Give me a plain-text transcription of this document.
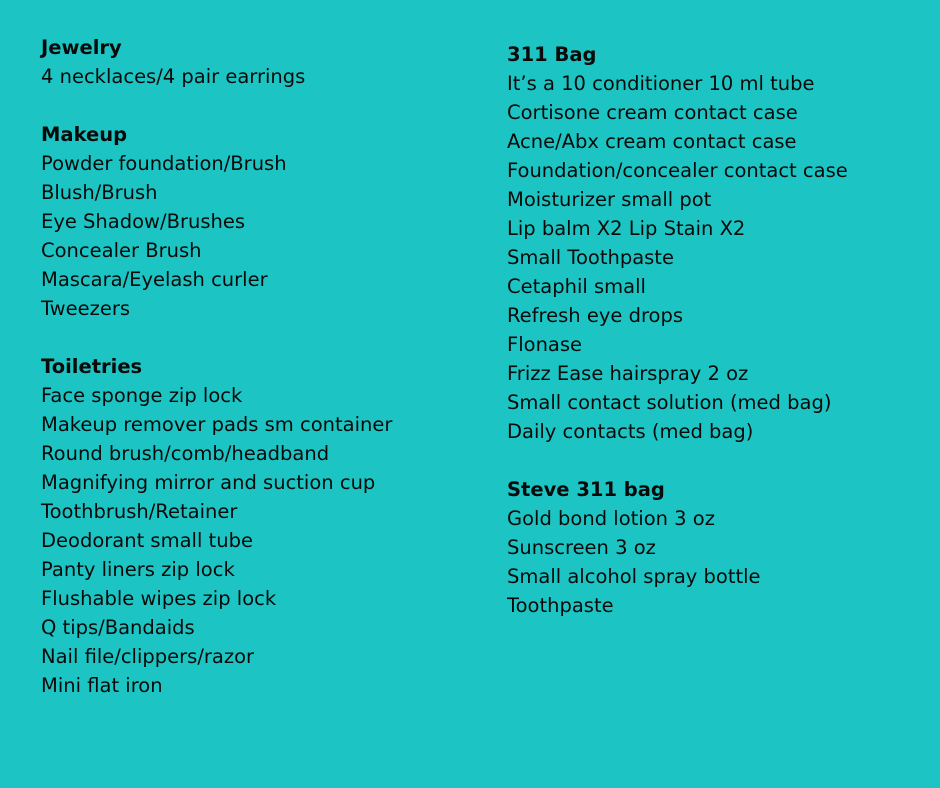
Jewelry
4 necklaces/4 pair earrings
Makeup
Powder foundation/Brush
Blush/Brush
Eye Shadow/Brushes
Concealer Brush
Mascara/Eyelash curler
Tweezers
Toiletries
Face sponge zip lock
Makeup remover pads sm container
Round brush/comb/headband
Magnifying mirror and suction cup
Toothbrush/Retainer
Deodorant small tube
Panty liners zip lock
Flushable wipes zip lock
Q tips/Bandaids
Nail file/clippers/razor
Mini flat iron
311 Bag
It’s a 10 conditioner 10 ml tube
Cortisone cream contact case
Acne/Abx cream contact case
Foundation/concealer contact case
Moisturizer small pot
Lip balm X2 Lip Stain X2
Small Toothpaste
Cetaphil small
Refresh eye drops
Flonase
Frizz Ease hairspray 2 oz
Small contact solution (med bag)
Daily contacts (med bag)
Steve 311 bag
Gold bond lotion 3 oz
Sunscreen 3 oz
Small alcohol spray bottle
Toothpaste
